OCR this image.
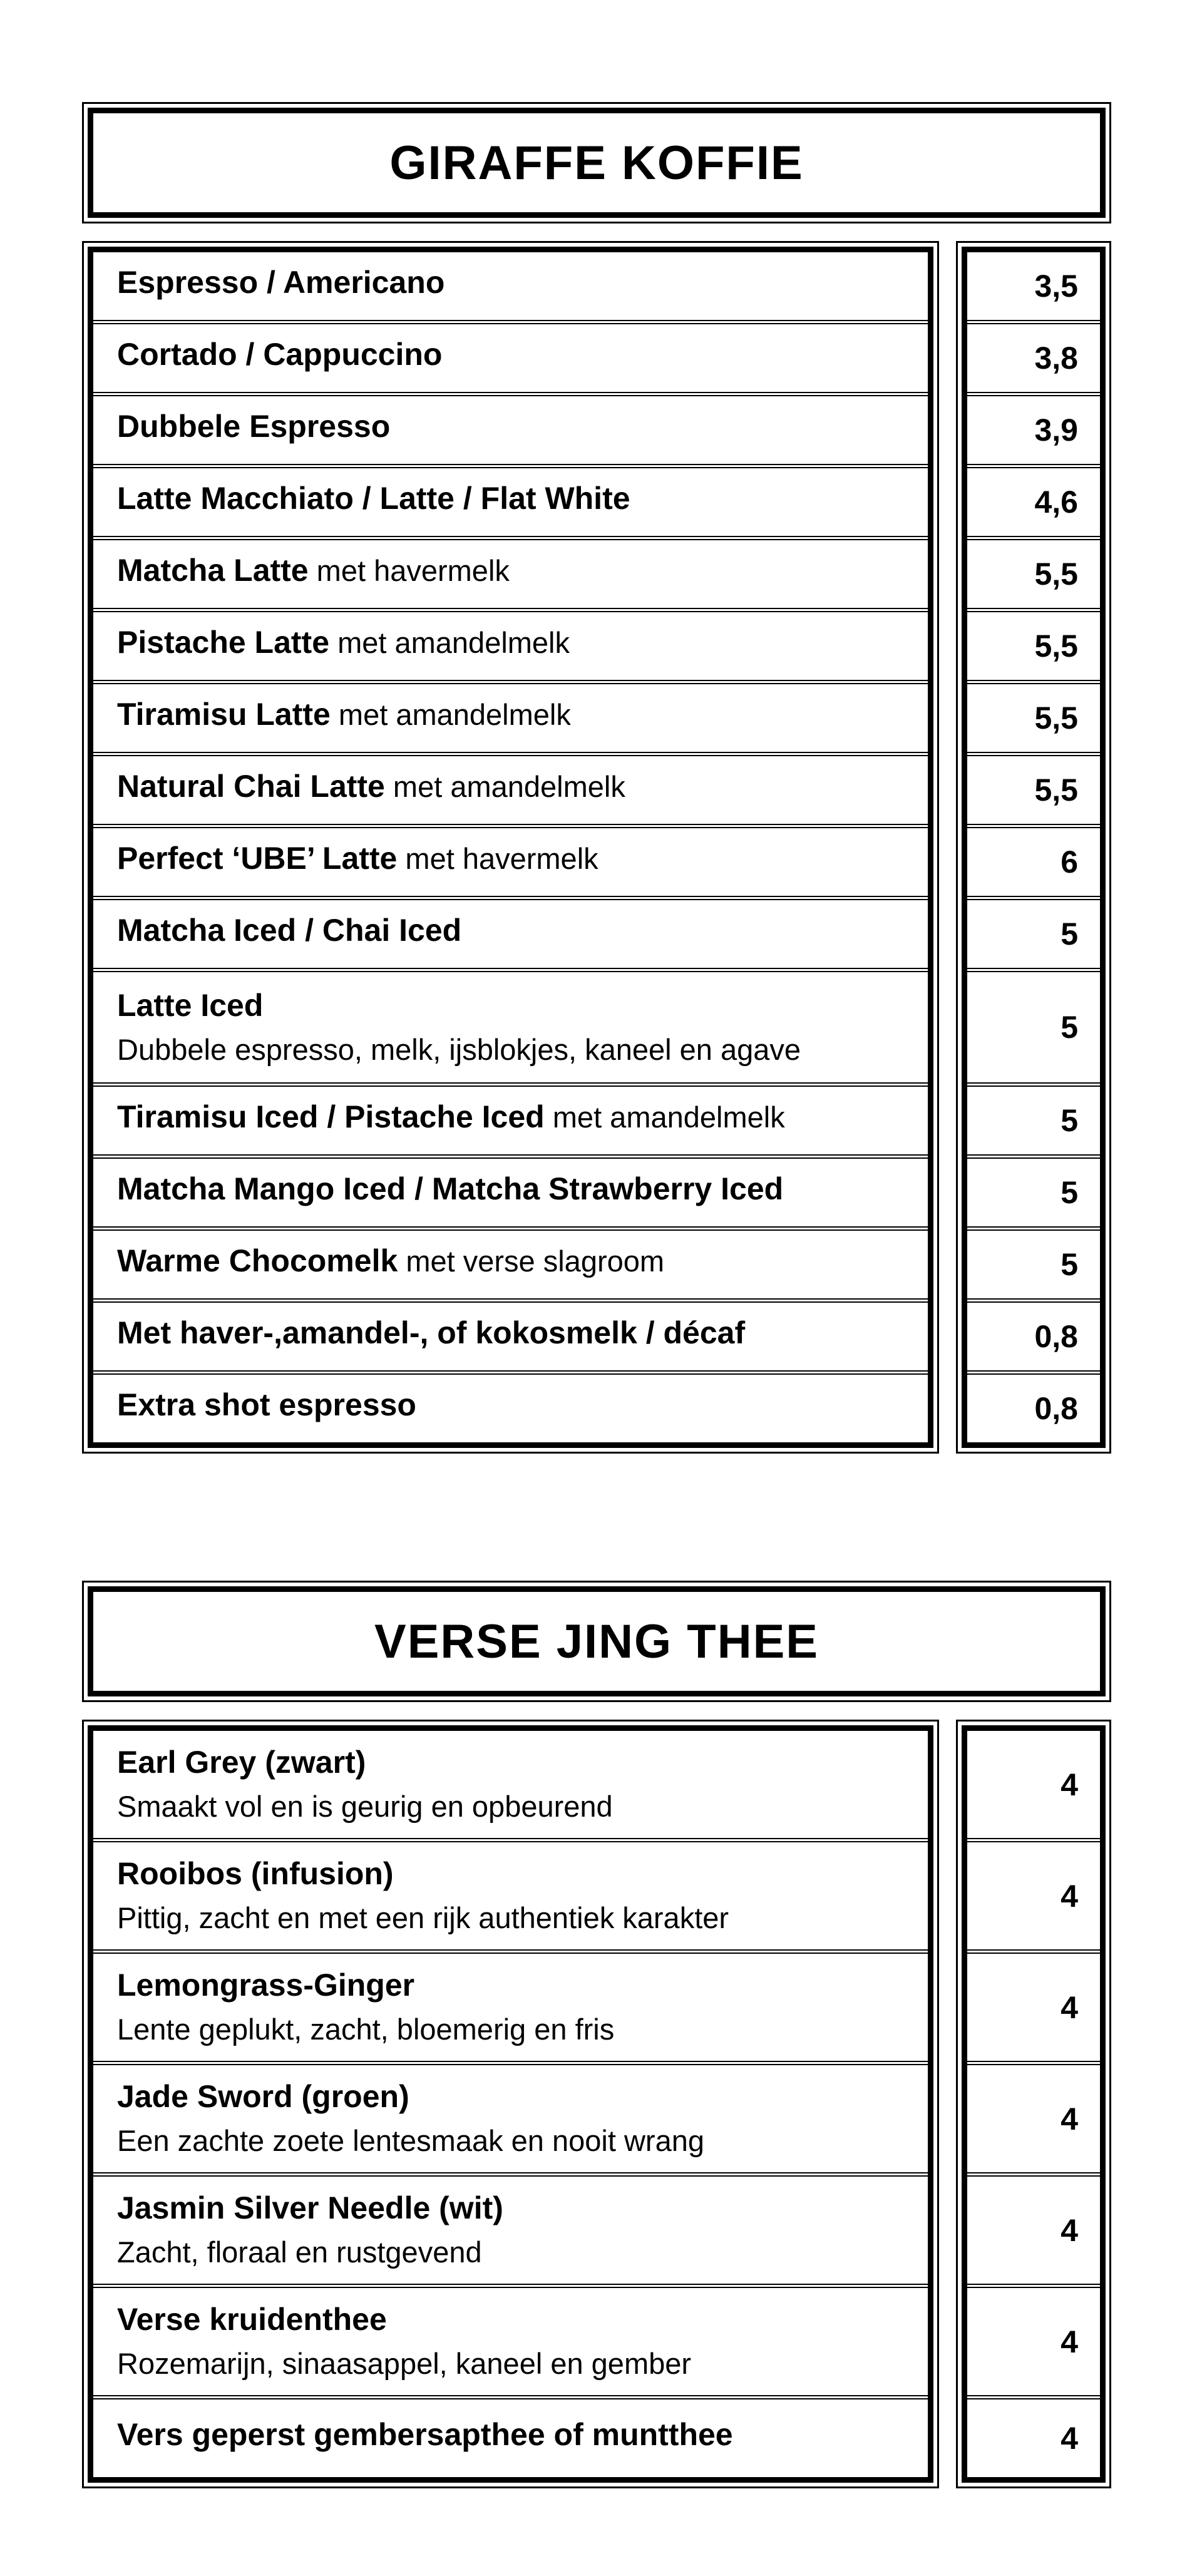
GIRAFFE KOFFIE
Espresso / Americano
Cortado / Cappuccino
Dubbele Espresso
Latte Macchiato / Latte / Flat White
Matcha Latte met havermelk
Pistache Latte met amandelmelk
Tiramisu Latte met amandelmelk
Natural Chai Latte met amandelmelk
Perfect ‘UBE’ Latte met havermelk
Matcha Iced / Chai Iced
Latte Iced
Dubbele espresso, melk, ijsblokjes, kaneel en agave
Tiramisu Iced / Pistache Iced met amandelmelk
Matcha Mango Iced / Matcha Strawberry Iced
Warme Chocomelk met verse slagroom
Met haver-,amandel-, of kokosmelk / décaf
Extra shot espresso
3,5
3,8
3,9
4,6
5,5
5,5
5,5
5,5
6
5
5
5
5
5
0,8
0,8
VERSE JING THEE
Earl Grey (zwart)
Smaakt vol en is geurig en opbeurend
Rooibos (infusion)
Pittig, zacht en met een rijk authentiek karakter
Lemongrass-Ginger
Lente geplukt, zacht, bloemerig en fris
Jade Sword (groen)
Een zachte zoete lentesmaak en nooit wrang
Jasmin Silver Needle (wit)
Zacht, floraal en rustgevend
Verse kruidenthee
Rozemarijn, sinaasappel, kaneel en gember
Vers geperst gembersapthee of muntthee
4
4
4
4
4
4
4
